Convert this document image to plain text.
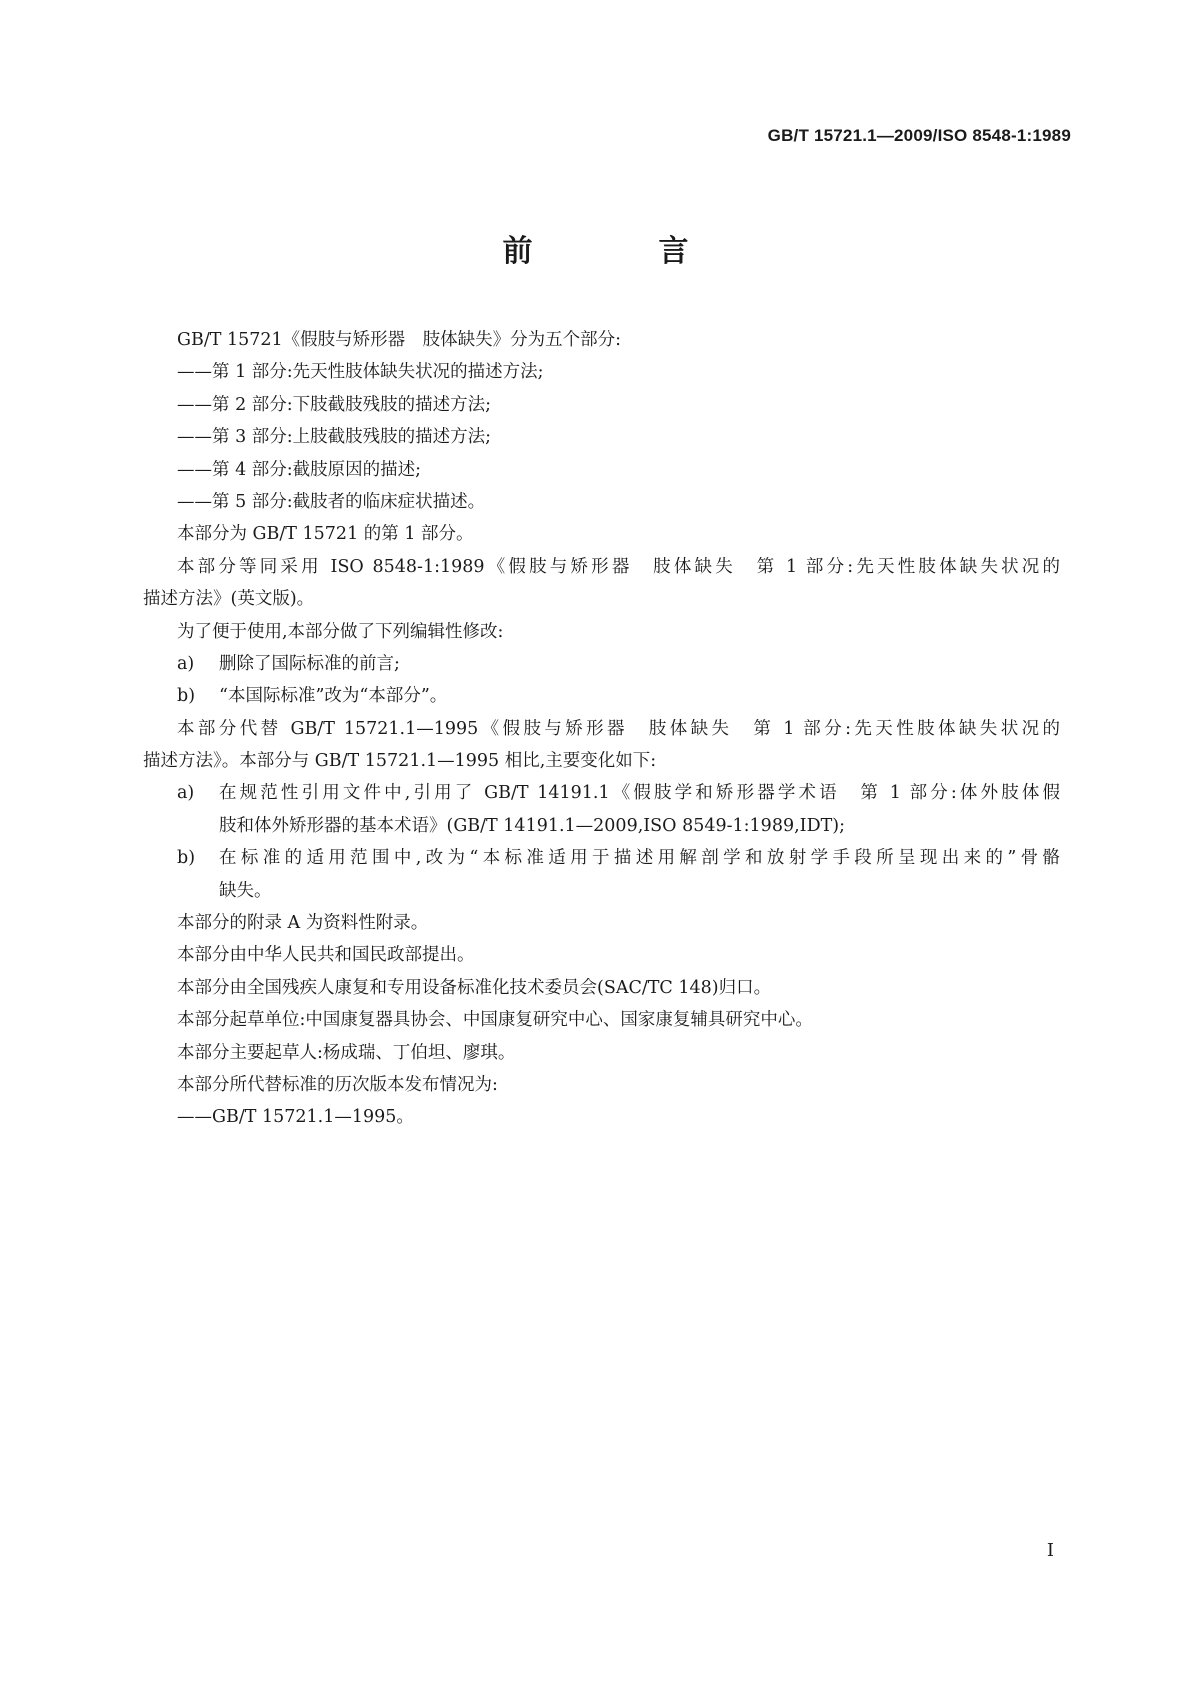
GB/T 15721.1—2009/ISO 8548-1:1989
前　言
GB/T 15721《假肢与矫形器　肢体缺失》分为五个部分:
——第 1 部分:先天性肢体缺失状况的描述方法;
——第 2 部分:下肢截肢残肢的描述方法;
——第 3 部分:上肢截肢残肢的描述方法;
——第 4 部分:截肢原因的描述;
——第 5 部分:截肢者的临床症状描述。
本部分为 GB/T 15721 的第 1 部分。
本部分等同采用 ISO 8548-1:1989《假肢与矫形器　肢体缺失　第 1 部分:先天性肢体缺失状况的
描述方法》(英文版)。
为了便于使用,本部分做了下列编辑性修改:
a) 删除了国际标准的前言;
b) “本国际标准”改为“本部分”。
本部分代替 GB/T 15721.1—1995《假肢与矫形器　肢体缺失　第 1 部分:先天性肢体缺失状况的
描述方法》。本部分与 GB/T 15721.1—1995 相比,主要变化如下:
a) 在规范性引用文件中,引用了 GB/T 14191.1《假肢学和矫形器学术语　第 1 部分:体外肢体假
肢和体外矫形器的基本术语》(GB/T 14191.1—2009,ISO 8549-1:1989,IDT);
b) 在标准的适用范围中,改为“本标准适用于描述用解剖学和放射学手段所呈现出来的”骨骼
缺失。
本部分的附录 A 为资料性附录。
本部分由中华人民共和国民政部提出。
本部分由全国残疾人康复和专用设备标准化技术委员会(SAC/TC 148)归口。
本部分起草单位:中国康复器具协会、中国康复研究中心、国家康复辅具研究中心。
本部分主要起草人:杨成瑞、丁伯坦、廖琪。
本部分所代替标准的历次版本发布情况为:
——GB/T 15721.1—1995。
I
